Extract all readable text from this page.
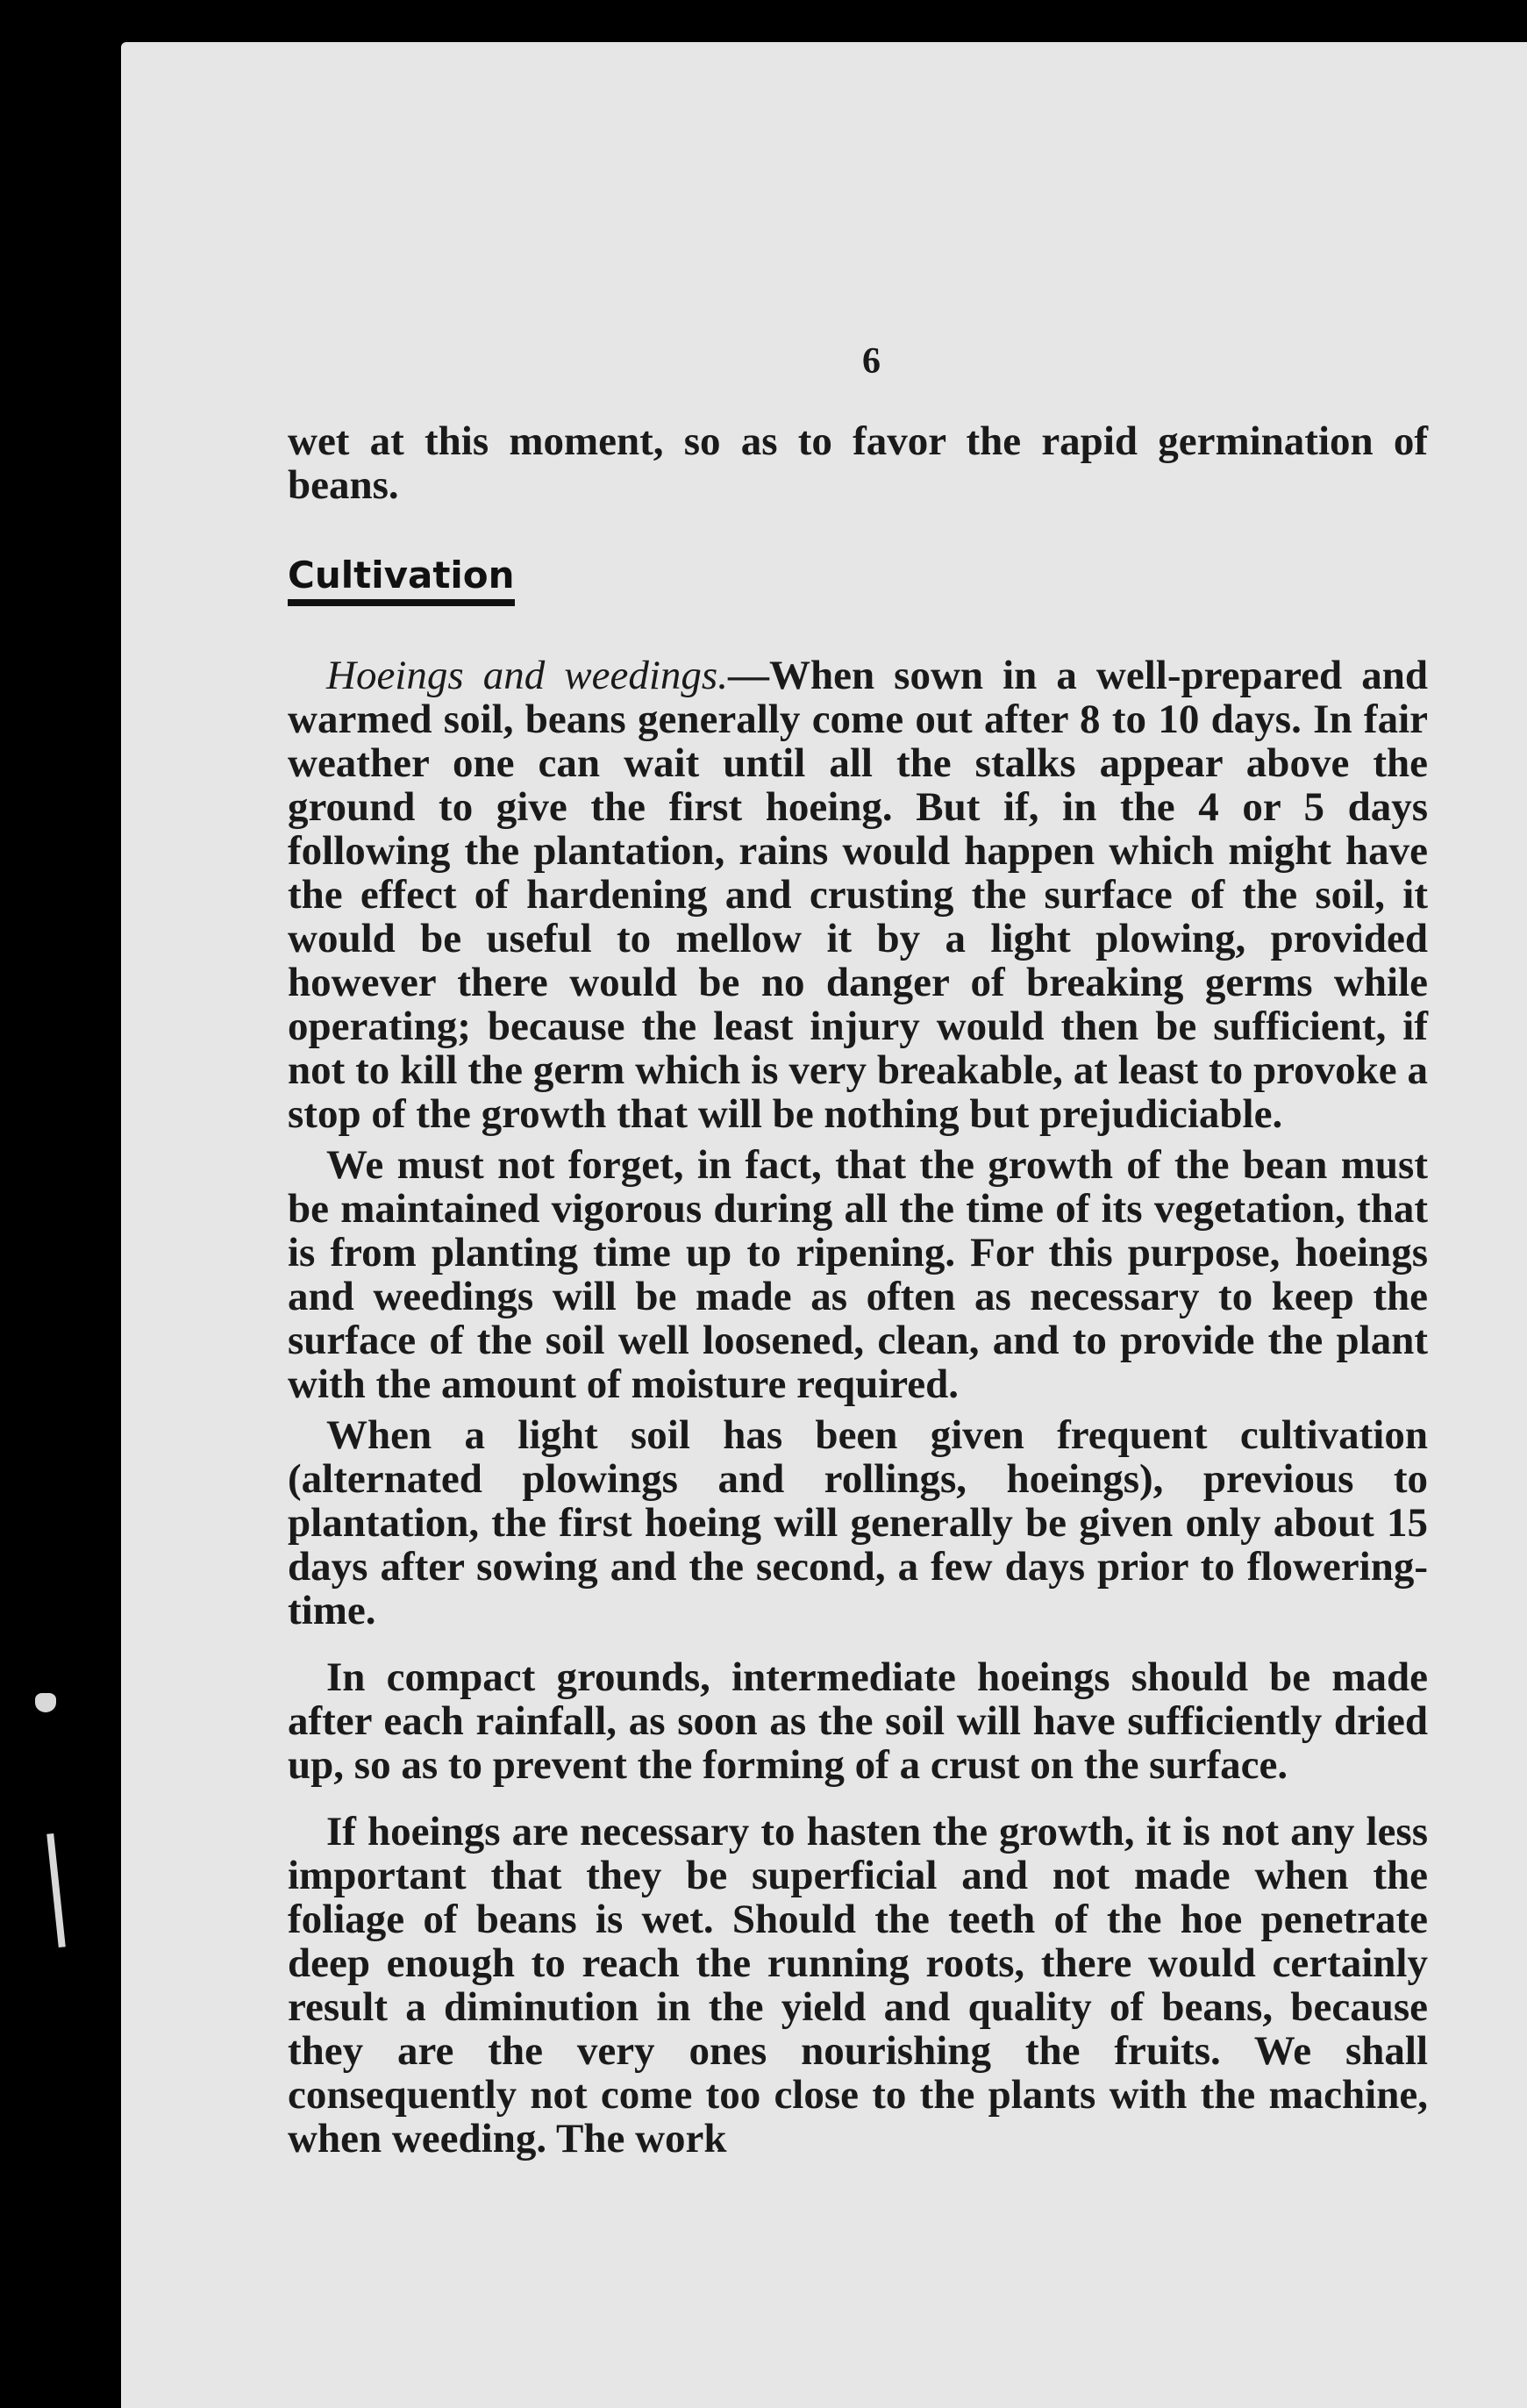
6

wet at this moment, so as to favor the rapid germination of beans.

Cultivation

Hoeings and weedings.—When sown in a well-prepared and warmed soil, beans generally come out after 8 to 10 days. In fair weather one can wait until all the stalks appear above the ground to give the first hoeing. But if, in the 4 or 5 days following the plantation, rains would happen which might have the effect of hardening and crusting the surface of the soil, it would be useful to mellow it by a light plowing, provided however there would be no danger of breaking germs while operating; because the least injury would then be sufficient, if not to kill the germ which is very breakable, at least to provoke a stop of the growth that will be nothing but prejudiciable.

We must not forget, in fact, that the growth of the bean must be maintained vigorous during all the time of its vegetation, that is from planting time up to ripening. For this purpose, hoeings and weedings will be made as often as necessary to keep the surface of the soil well loosened, clean, and to provide the plant with the amount of moisture required.

When a light soil has been given frequent cultivation (alternated plowings and rollings, hoeings), previous to plantation, the first hoeing will generally be given only about 15 days after sowing and the second, a few days prior to flowering-time.

In compact grounds, intermediate hoeings should be made after each rainfall, as soon as the soil will have sufficiently dried up, so as to prevent the forming of a crust on the surface.

If hoeings are necessary to hasten the growth, it is not any less important that they be superficial and not made when the foliage of beans is wet. Should the teeth of the hoe penetrate deep enough to reach the running roots, there would certainly result a diminution in the yield and quality of beans, because they are the very ones nourishing the fruits. We shall consequently not come too close to the plants with the machine, when weeding. The work
